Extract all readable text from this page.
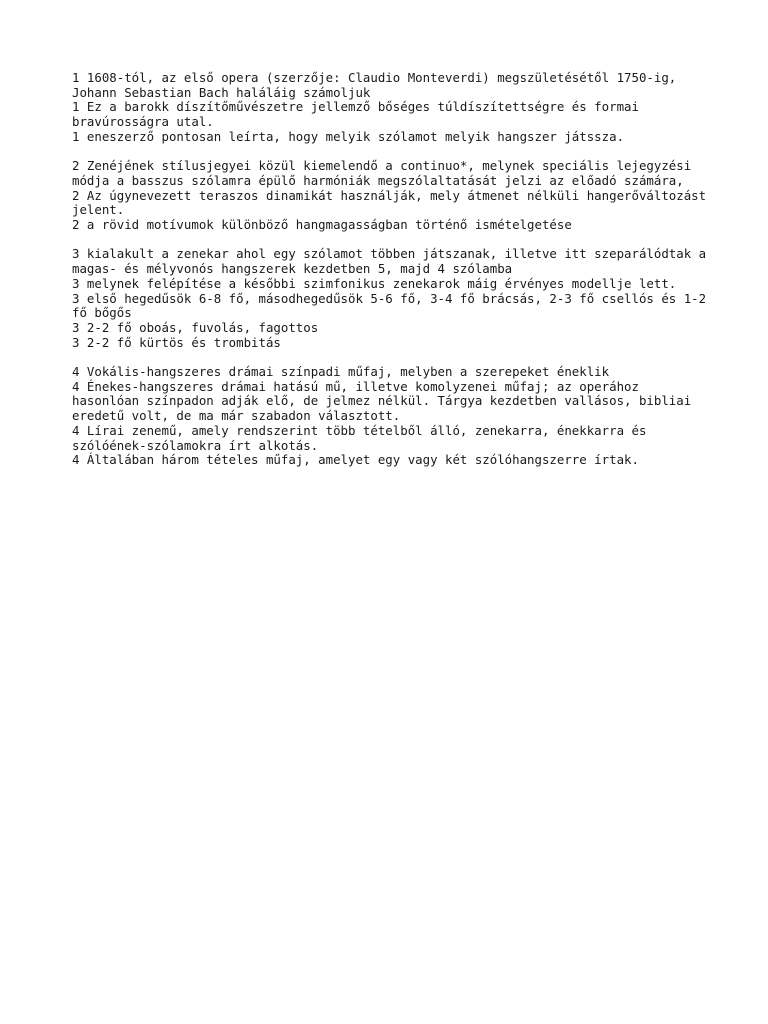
1 1608-tól, az első opera (szerzője: Claudio Monteverdi) megszületésétől 1750-ig, Johann Sebastian Bach haláláig számoljuk
1 Ez a barokk díszítőművészetre jellemző bőséges túldíszítettségre és formai bravúrosságra utal.
1 eneszerző pontosan leírta, hogy melyik szólamot melyik hangszer játssza.
2 Zenéjének stílusjegyei közül kiemelendő a continuo*, melynek speciális lejegyzési módja a basszus szólamra épülő harmóniák megszólaltatását jelzi az előadó számára,
2 Az úgynevezett teraszos dinamikát használják, mely átmenet nélküli hangerőváltozást jelent.
2 a rövid motívumok különböző hangmagasságban történő ismételgetése
3 kialakult a zenekar ahol egy szólamot többen játszanak, illetve itt szeparálódtak a magas- és mélyvonós hangszerek kezdetben 5, majd 4 szólamba
3 melynek felépítése a későbbi szimfonikus zenekarok máig érvényes modellje lett.
3 első hegedűsök 6-8 fő, másodhegedűsök 5-6 fő, 3-4 fő brácsás, 2-3 fő csellós és 1-2 fő bőgős
3 2-2 fő oboás, fuvolás, fagottos
3 2-2 fő kürtös és trombitás
4 Vokális-hangszeres drámai színpadi műfaj, melyben a szerepeket éneklik
4 Énekes-hangszeres drámai hatású mű, illetve komolyzenei műfaj; az operához hasonlóan színpadon adják elő, de jelmez nélkül. Tárgya kezdetben vallásos, bibliai eredetű volt, de ma már szabadon választott.
4 Lírai zenemű, amely rendszerint több tételből álló, zenekarra, énekkarra és szólóének-szólamokra írt alkotás.
4 Általában három tételes műfaj, amelyet egy vagy két szólóhangszerre írtak.
